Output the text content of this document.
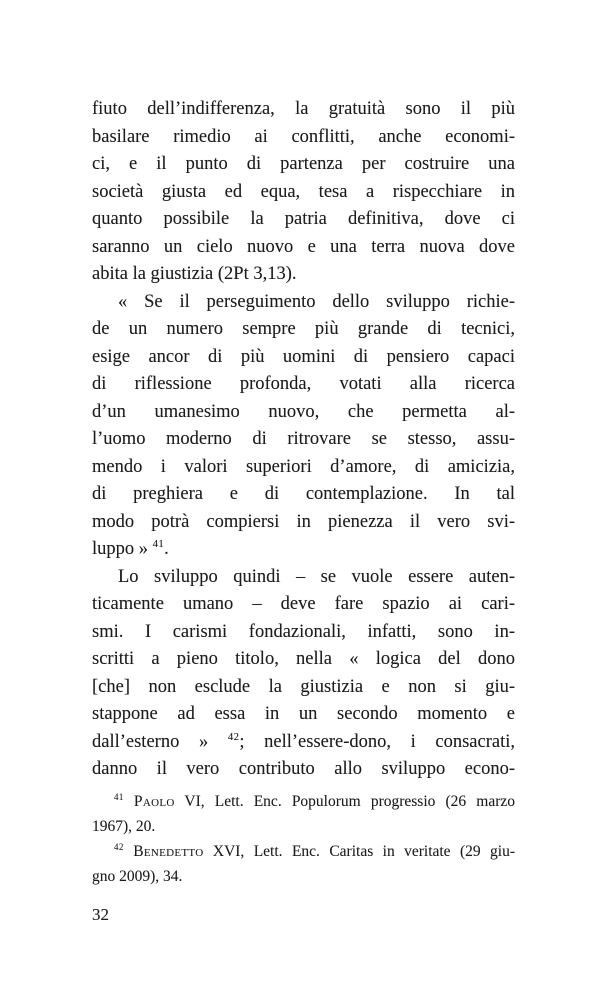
fiuto dell’indifferenza, la gratuità sono il più
basilare rimedio ai conflitti, anche economi-
ci, e il punto di partenza per costruire una
società giusta ed equa, tesa a rispecchiare in
quanto possibile la patria definitiva, dove ci
saranno un cielo nuovo e una terra nuova dove
abita la giustizia (2Pt 3,13).
« Se il perseguimento dello sviluppo richie-
de un numero sempre più grande di tecnici,
esige ancor di più uomini di pensiero capaci
di riflessione profonda, votati alla ricerca
d’un umanesimo nuovo, che permetta al-
l’uomo moderno di ritrovare se stesso, assu-
mendo i valori superiori d’amore, di amicizia,
di preghiera e di contemplazione. In tal
modo potrà compiersi in pienezza il vero svi-
luppo » $^{41}$.
Lo sviluppo quindi – se vuole essere auten-
ticamente umano – deve fare spazio ai cari-
smi. I carismi fondazionali, infatti, sono in-
scritti a pieno titolo, nella « logica del dono
[che] non esclude la giustizia e non si giu-
stappone ad essa in un secondo momento e
dall’esterno » $^{42}$; nell’essere-dono, i consacrati,
danno il vero contributo allo sviluppo econo-
$^{41}$ Paolo VI, Lett. Enc. Populorum progressio (26 marzo
1967), 20.
$^{42}$ Benedetto XVI, Lett. Enc. Caritas in veritate (29 giu-
gno 2009), 34.
32
